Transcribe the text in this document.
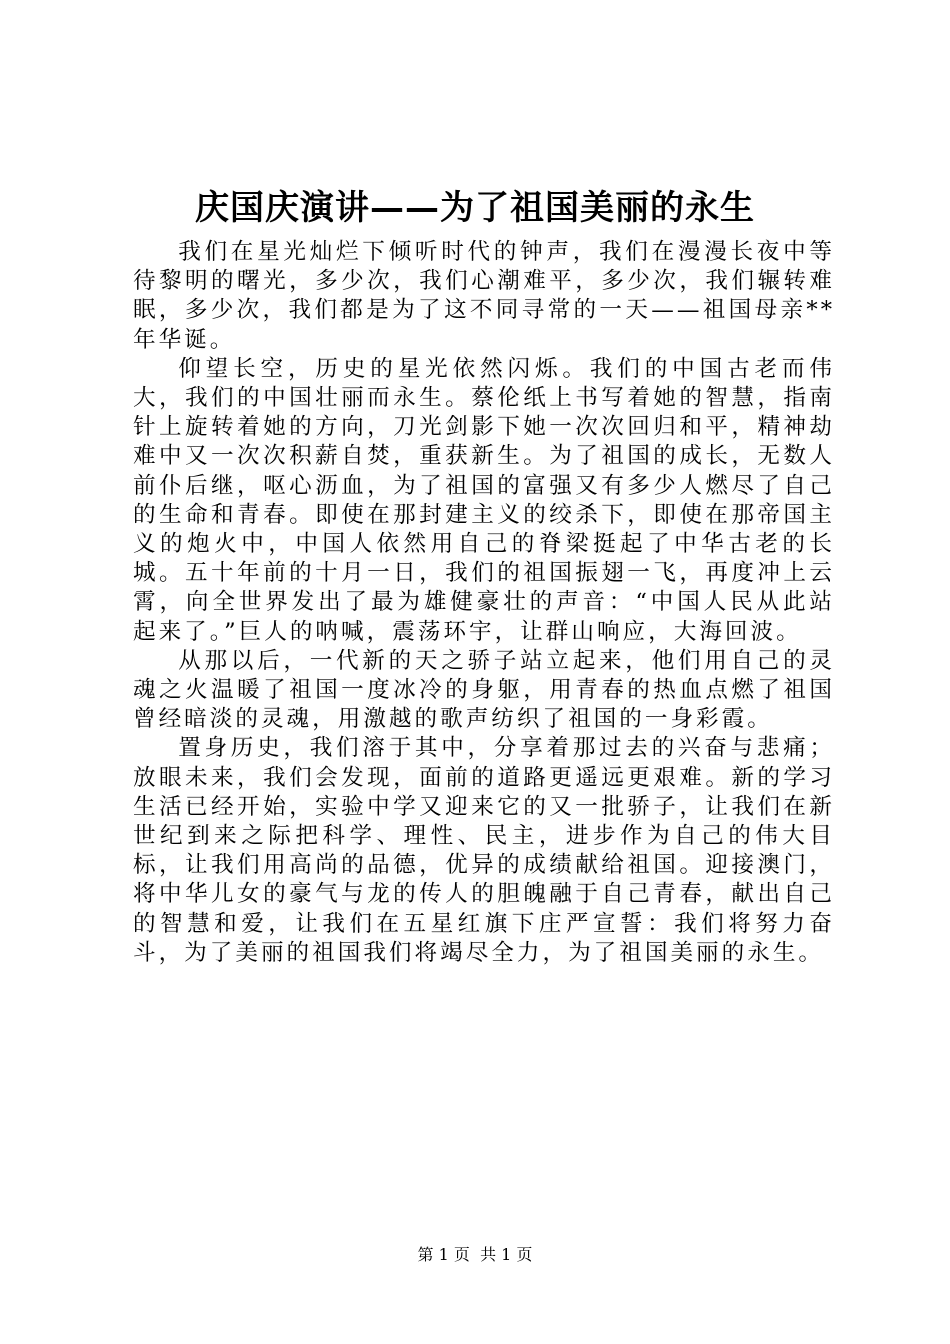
庆国庆演讲——为了祖国美丽的永生

我们在星光灿烂下倾听时代的钟声，我们在漫漫长夜中等待黎明的曙光，多少次，我们心潮难平，多少次，我们辗转难眠，多少次，我们都是为了这不同寻常的一天——祖国母亲**年华诞。

仰望长空，历史的星光依然闪烁。我们的中国古老而伟大，我们的中国壮丽而永生。蔡伦纸上书写着她的智慧，指南针上旋转着她的方向，刀光剑影下她一次次回归和平，精神劫难中又一次次积薪自焚，重获新生。为了祖国的成长，无数人前仆后继，呕心沥血，为了祖国的富强又有多少人燃尽了自己的生命和青春。即使在那封建主义的绞杀下，即使在那帝国主义的炮火中，中国人依然用自己的脊梁挺起了中华古老的长城。五十年前的十月一日，我们的祖国振翅一飞，再度冲上云霄，向全世界发出了最为雄健豪壮的声音：“中国人民从此站起来了。”巨人的呐喊，震荡环宇，让群山响应，大海回波。

从那以后，一代新的天之骄子站立起来，他们用自己的灵魂之火温暖了祖国一度冰冷的身躯，用青春的热血点燃了祖国曾经暗淡的灵魂，用激越的歌声纺织了祖国的一身彩霞。

置身历史，我们溶于其中，分享着那过去的兴奋与悲痛；放眼未来，我们会发现，面前的道路更遥远更艰难。新的学习生活已经开始，实验中学又迎来它的又一批骄子，让我们在新世纪到来之际把科学、理性、民主，进步作为自己的伟大目标，让我们用高尚的品德，优异的成绩献给祖国。迎接澳门，将中华儿女的豪气与龙的传人的胆魄融于自己青春，献出自己的智慧和爱，让我们在五星红旗下庄严宣誓：我们将努力奋斗，为了美丽的祖国我们将竭尽全力，为了祖国美丽的永生。

第 1 页  共 1 页
